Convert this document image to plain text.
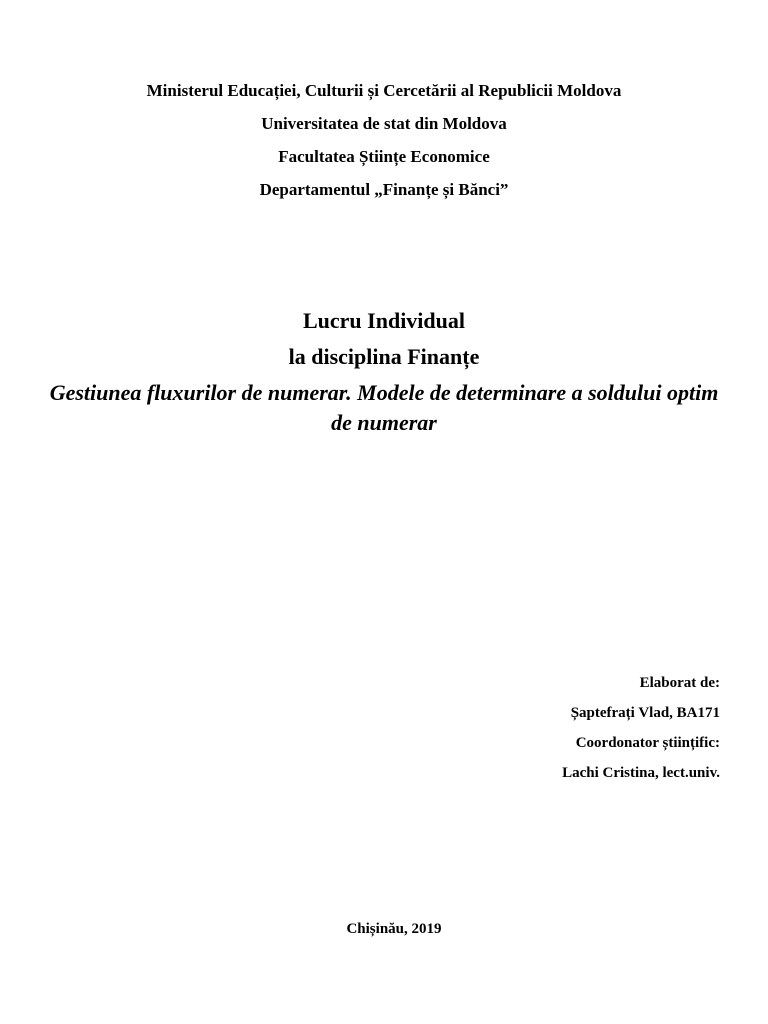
Ministerul Educației, Culturii și Cercetării al Republicii Moldova
Universitatea de stat din Moldova
Facultatea Științe Economice
Departamentul „Finanțe și Bănci”
Lucru Individual
la disciplina Finanțe
Gestiunea fluxurilor de numerar. Modele de determinare a soldului optim de numerar
Elaborat de:
Șaptefrați Vlad, BA171
Coordonator științific:
Lachi Cristina, lect.univ.
Chișinău, 2019
